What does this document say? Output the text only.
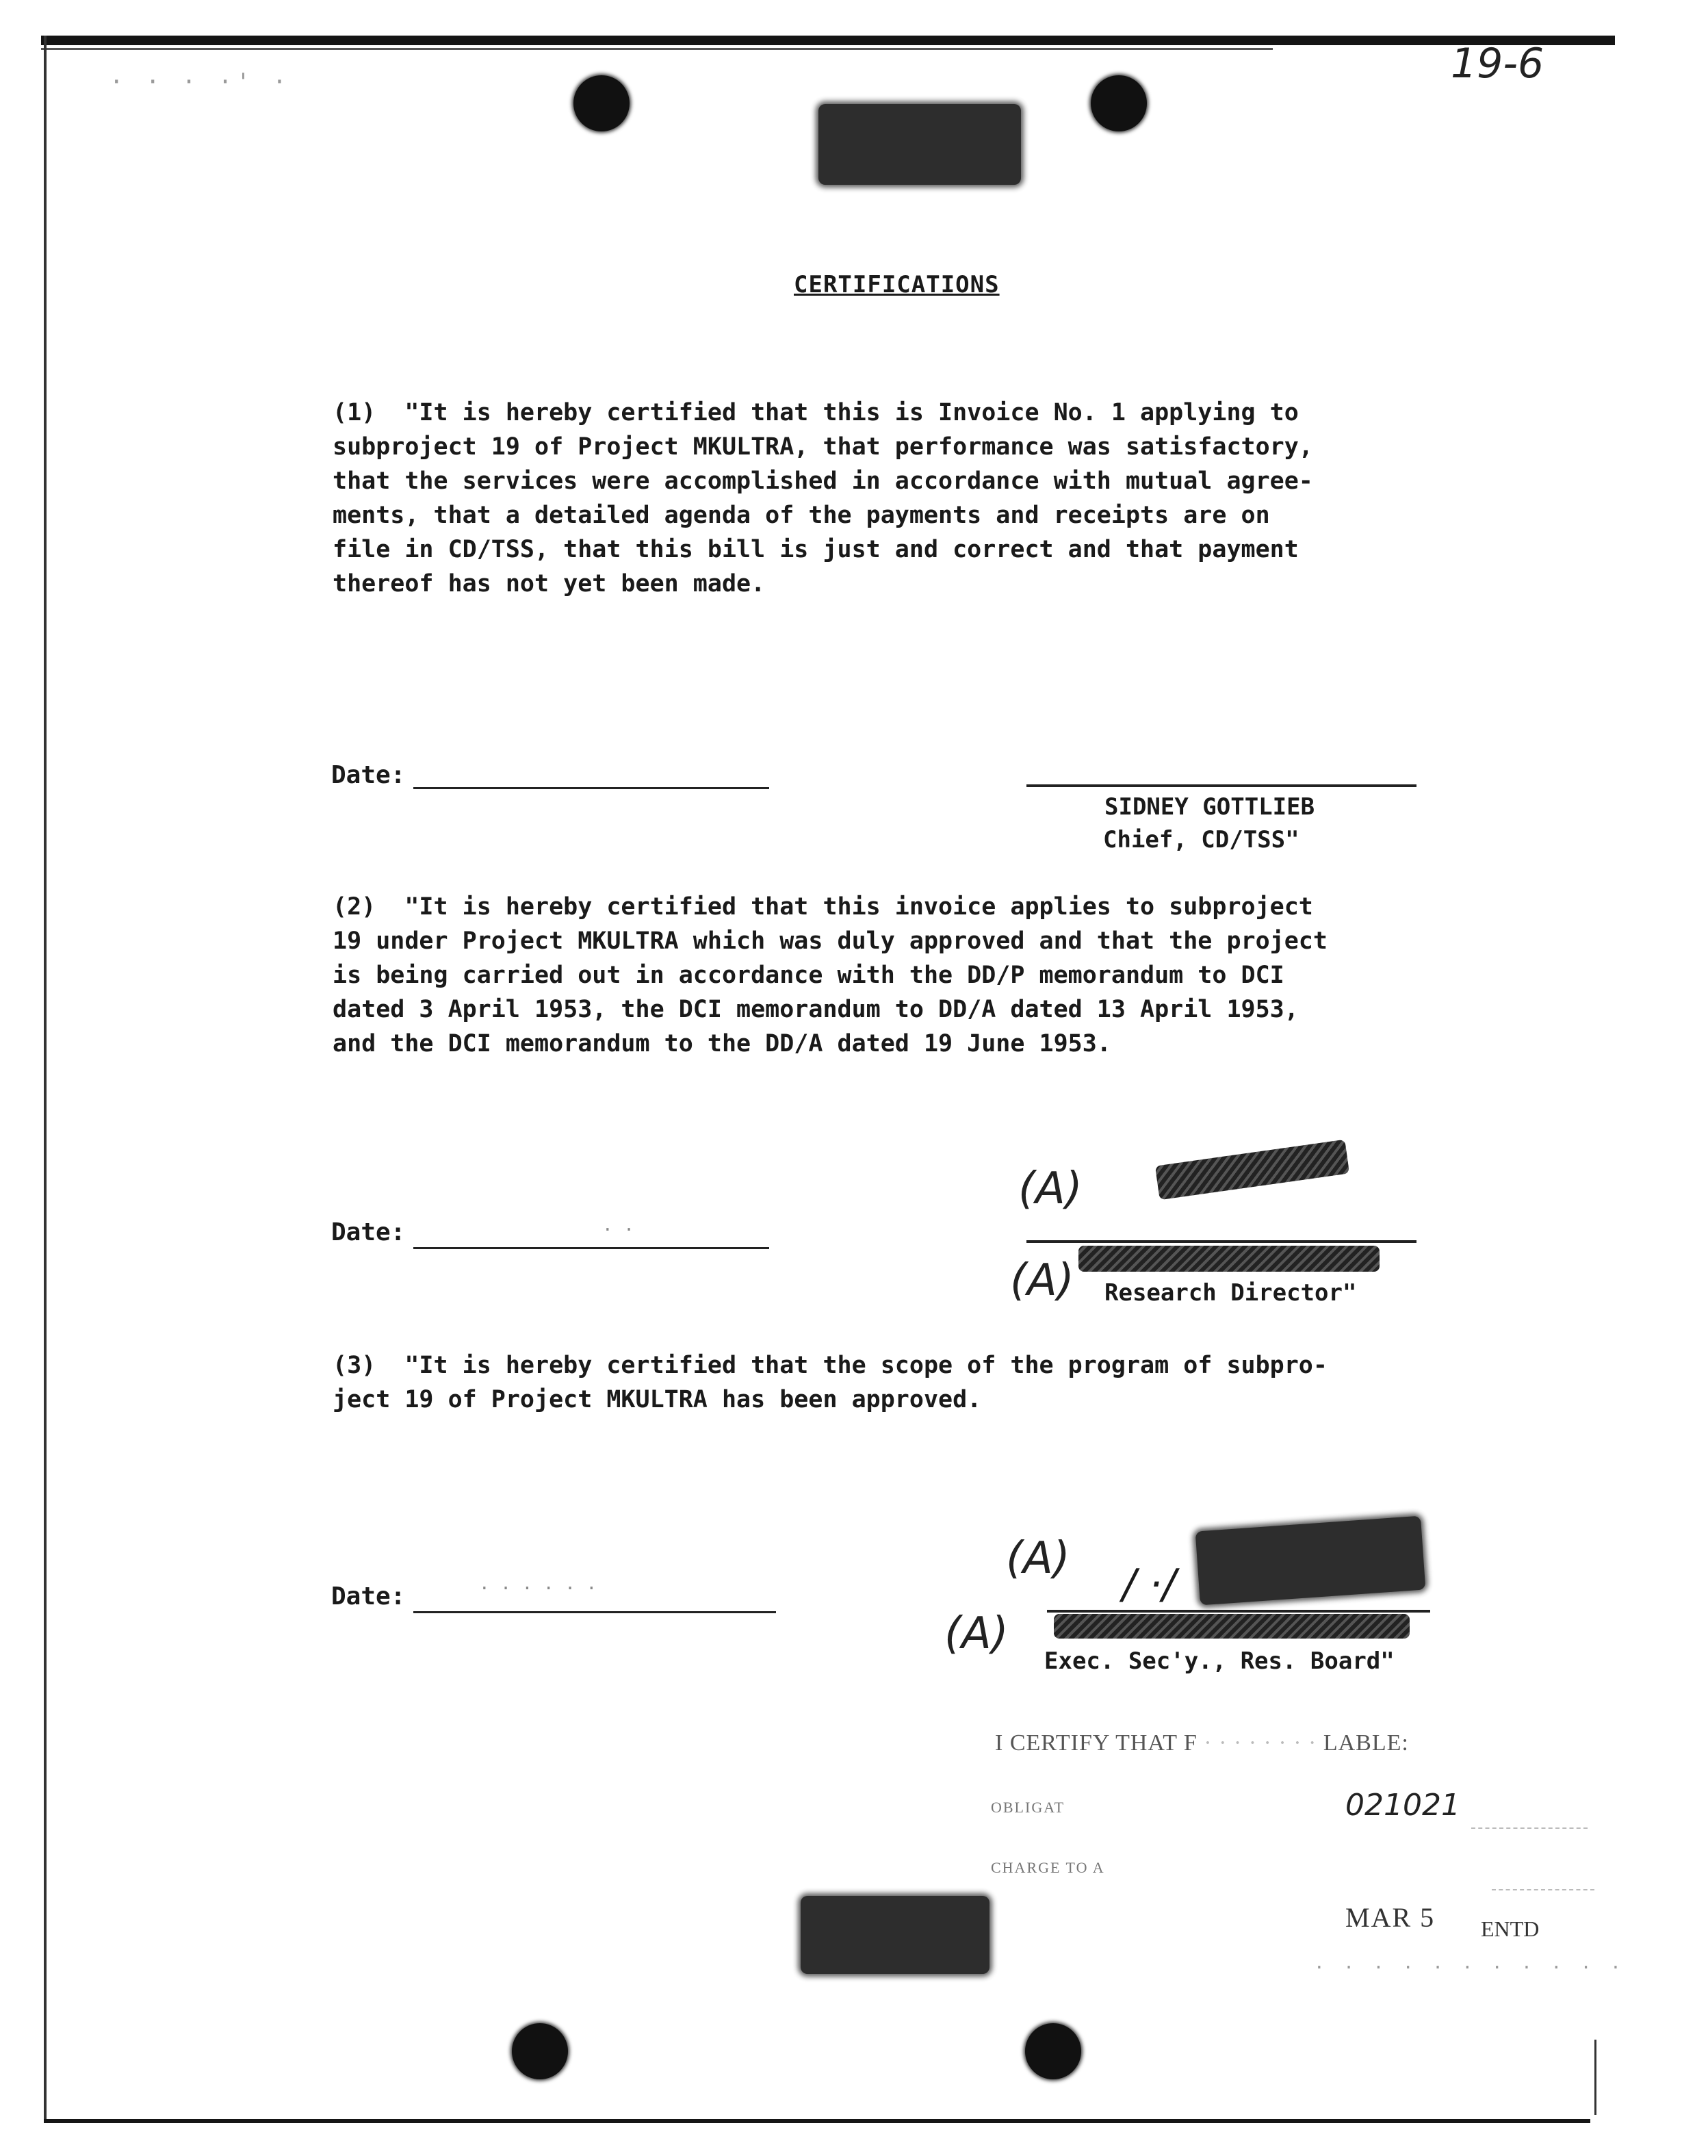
· · · ·' ·	19-6
CERTIFICATIONS
(1)  "It is hereby certified that this is Invoice No. 1 applying to
subproject 19 of Project MKULTRA, that performance was satisfactory,
that the services were accomplished in accordance with mutual agree-
ments, that a detailed agenda of the payments and receipts are on
file in CD/TSS, that this bill is just and correct and that payment
thereof has not yet been made.
Date:
SIDNEY GOTTLIEB
Chief, CD/TSS"
(2)  "It is hereby certified that this invoice applies to subproject
19 under Project MKULTRA which was duly approved and that the project
is being carried out in accordance with the DD/P memorandum to DCI
dated 3 April 1953, the DCI memorandum to DD/A dated 13 April 1953,
and the DCI memorandum to the DD/A dated 19 June 1953.
Date:	· ·
(A)
(A) Research Director"
(3)  "It is hereby certified that the scope of the program of subpro-
ject 19 of Project MKULTRA has been approved.
Date:	· · · · · ·
(A)
/ ·/
(A)
Exec. Sec'y., Res. Board"
I CERTIFY THAT F · · · · · · · · LABLE:
OBLIGAT	021021
CHARGE TO A
MAR 5 ENTD
· · · · · · · · · · ·
